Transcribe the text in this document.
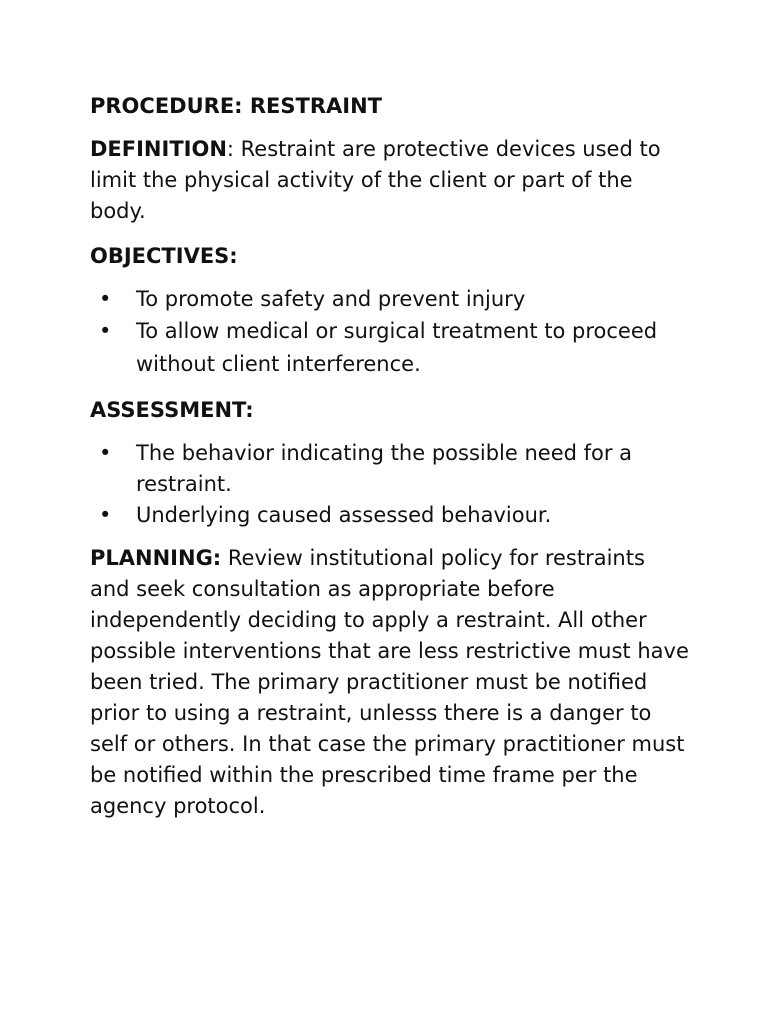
PROCEDURE: RESTRAINT

DEFINITION: Restraint are protective devices used to limit the physical activity of the client or part of the body.

OBJECTIVES:

• To promote safety and prevent injury
• To allow medical or surgical treatment to proceed without client interference.

ASSESSMENT:

• The behavior indicating the possible need for a restraint.
• Underlying caused assessed behaviour.

PLANNING: Review institutional policy for restraints and seek consultation as appropriate before independently deciding to apply a restraint. All other possible interventions that are less restrictive must have been tried. The primary practitioner must be notified prior to using a restraint, unlesss there is a danger to self or others. In that case the primary practitioner must be notified within the prescribed time frame per the agency protocol.
